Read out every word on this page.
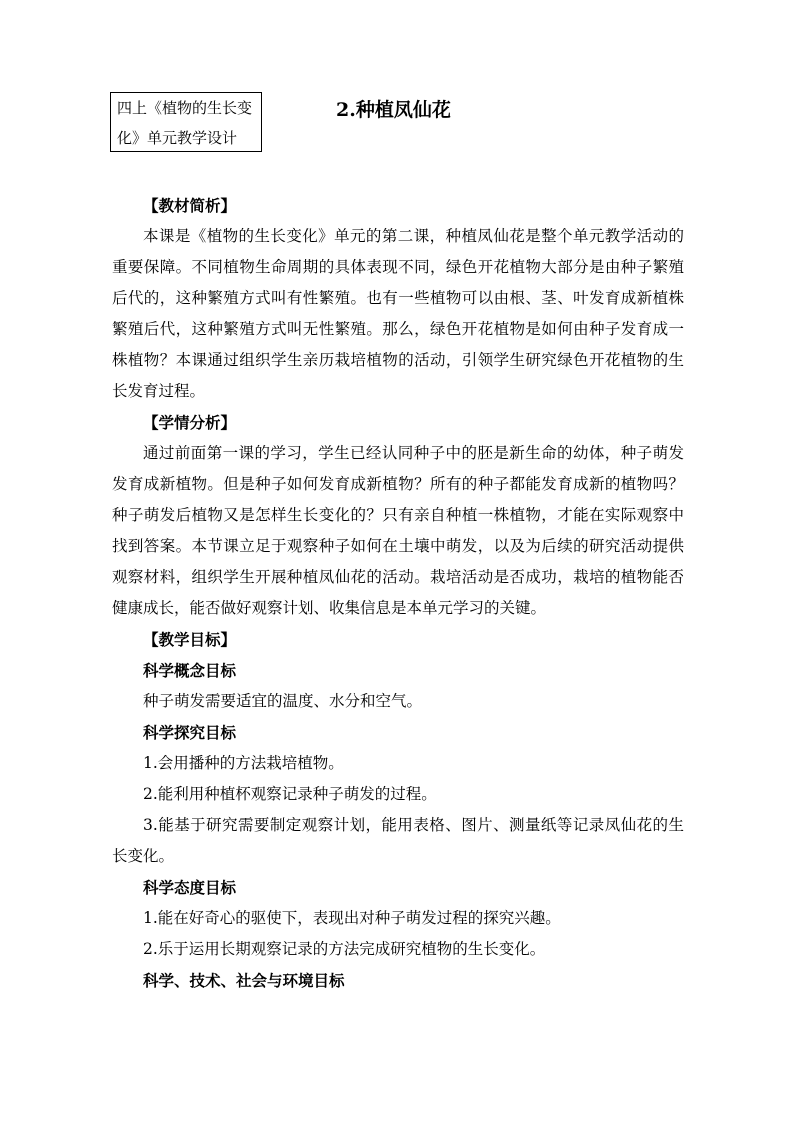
四上《植物的生长变化》单元教学设计
2.种植凤仙花

【教材简析】

本课是《植物的生长变化》单元的第二课，种植凤仙花是整个单元教学活动的重要保障。不同植物生命周期的具体表现不同，绿色开花植物大部分是由种子繁殖后代的，这种繁殖方式叫有性繁殖。也有一些植物可以由根、茎、叶发育成新植株繁殖后代，这种繁殖方式叫无性繁殖。那么，绿色开花植物是如何由种子发育成一株植物？本课通过组织学生亲历栽培植物的活动，引领学生研究绿色开花植物的生长发育过程。

【学情分析】

通过前面第一课的学习，学生已经认同种子中的胚是新生命的幼体，种子萌发发育成新植物。但是种子如何发育成新植物？所有的种子都能发育成新的植物吗？种子萌发后植物又是怎样生长变化的？只有亲自种植一株植物，才能在实际观察中找到答案。本节课立足于观察种子如何在土壤中萌发，以及为后续的研究活动提供观察材料，组织学生开展种植凤仙花的活动。栽培活动是否成功，栽培的植物能否健康成长，能否做好观察计划、收集信息是本单元学习的关键。

【教学目标】

科学概念目标

种子萌发需要适宜的温度、水分和空气。

科学探究目标

1.会用播种的方法栽培植物。

2.能利用种植杯观察记录种子萌发的过程。

3.能基于研究需要制定观察计划，能用表格、图片、测量纸等记录凤仙花的生长变化。

科学态度目标

1.能在好奇心的驱使下，表现出对种子萌发过程的探究兴趣。

2.乐于运用长期观察记录的方法完成研究植物的生长变化。

科学、技术、社会与环境目标
